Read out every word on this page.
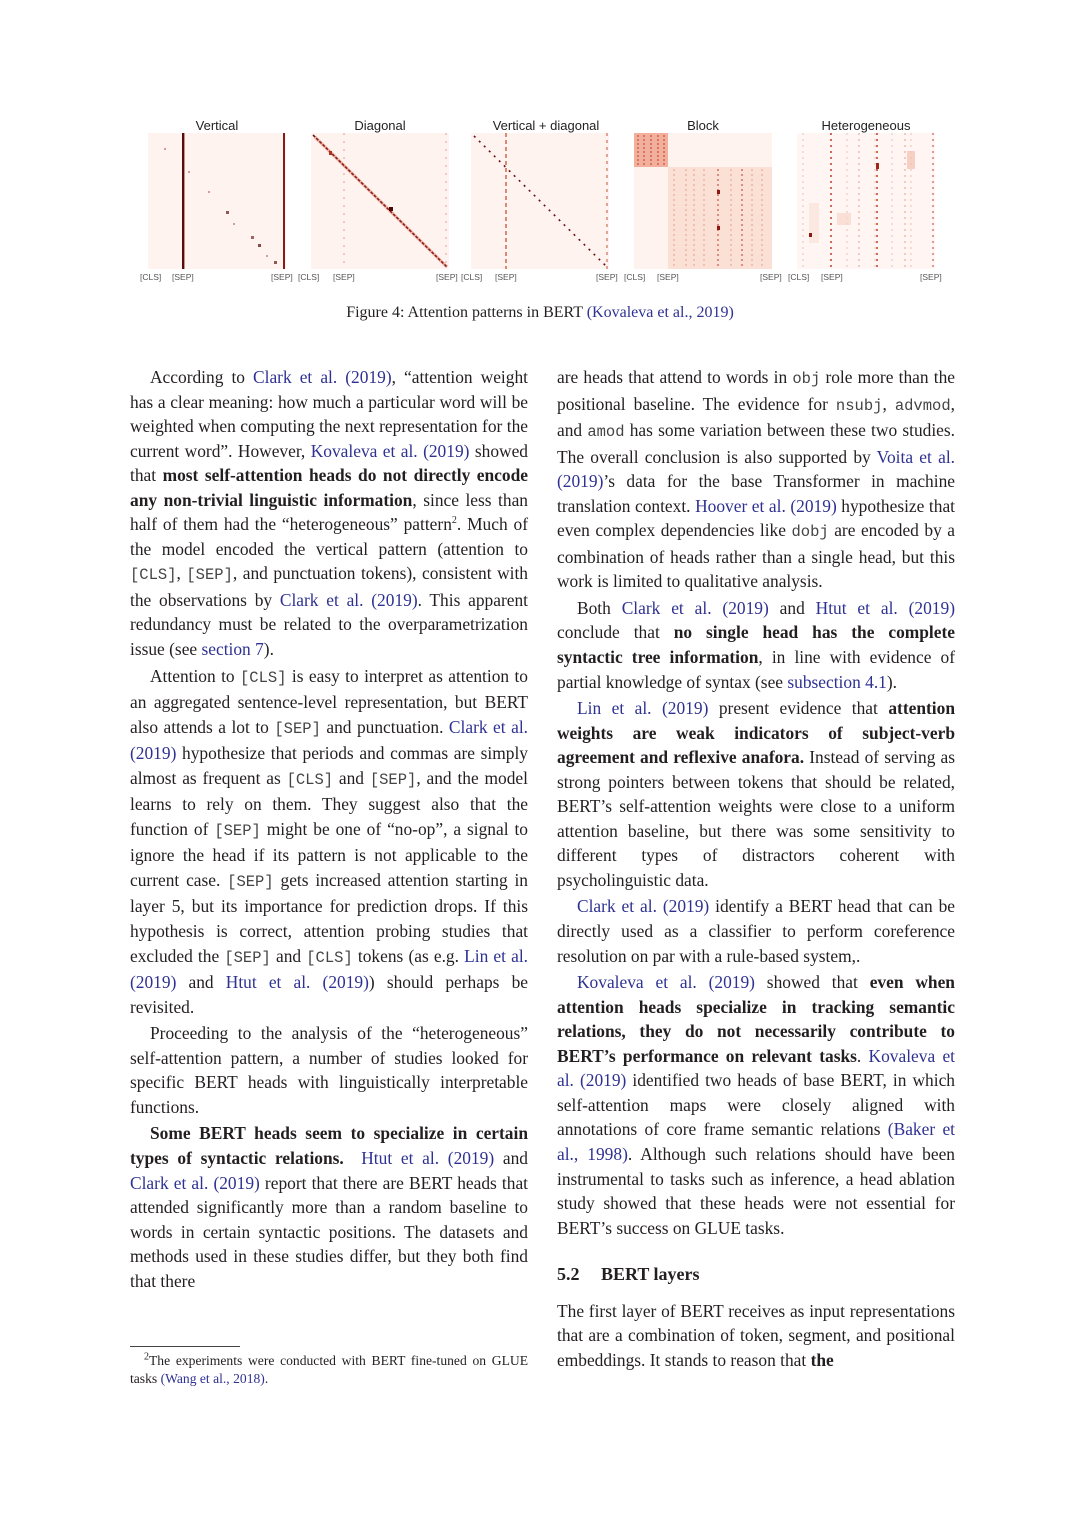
Vertical
[CLS] [SEP]	[SEP]
Diagonal
[CLS] [SEP]	[SEP]
Vertical + diagonal
[CLS] [SEP]	[SEP]
Block
[CLS] [SEP]	[SEP]
Heterogeneous
[CLS] [SEP]	[SEP]
Figure 4: Attention patterns in BERT (Kovaleva et al., 2019)

According to Clark et al. (2019), “attention weight has a clear meaning: how much a particular word will be weighted when computing the next representation for the current word”. However, Kovaleva et al. (2019) showed that most self-attention heads do not directly encode any non-trivial linguistic information, since less than half of them had the “heterogeneous” pattern$^2$. Much of the model encoded the vertical pattern (attention to [CLS], [SEP], and punctuation tokens), consistent with the observations by Clark et al. (2019). This apparent redundancy must be related to the overparametrization issue (see section 7).

Attention to [CLS] is easy to interpret as attention to an aggregated sentence-level representation, but BERT also attends a lot to [SEP] and punctuation. Clark et al. (2019) hypothesize that periods and commas are simply almost as frequent as [CLS] and [SEP], and the model learns to rely on them. They suggest also that the function of [SEP] might be one of “no-op”, a signal to ignore the head if its pattern is not applicable to the current case. [SEP] gets increased attention starting in layer 5, but its importance for prediction drops. If this hypothesis is correct, attention probing studies that excluded the [SEP] and [CLS] tokens (as e.g. Lin et al. (2019) and Htut et al. (2019)) should perhaps be revisited.

Proceeding to the analysis of the “heterogeneous” self-attention pattern, a number of studies looked for specific BERT heads with linguistically interpretable functions.

Some BERT heads seem to specialize in certain types of syntactic relations. Htut et al. (2019) and Clark et al. (2019) report that there are BERT heads that attended significantly more than a random baseline to words in certain syntactic positions. The datasets and methods used in these studies differ, but they both find that there

$^2$The experiments were conducted with BERT fine-tuned on GLUE tasks (Wang et al., 2018).

are heads that attend to words in obj role more than the positional baseline. The evidence for nsubj, advmod, and amod has some variation between these two studies. The overall conclusion is also supported by Voita et al. (2019)’s data for the base Transformer in machine translation context. Hoover et al. (2019) hypothesize that even complex dependencies like dobj are encoded by a combination of heads rather than a single head, but this work is limited to qualitative analysis.

Both Clark et al. (2019) and Htut et al. (2019) conclude that no single head has the complete syntactic tree information, in line with evidence of partial knowledge of syntax (see subsection 4.1).

Lin et al. (2019) present evidence that attention weights are weak indicators of subject-verb agreement and reflexive anafora. Instead of serving as strong pointers between tokens that should be related, BERT’s self-attention weights were close to a uniform attention baseline, but there was some sensitivity to different types of distractors coherent with psycholinguistic data.

Clark et al. (2019) identify a BERT head that can be directly used as a classifier to perform coreference resolution on par with a rule-based system,.

Kovaleva et al. (2019) showed that even when attention heads specialize in tracking semantic relations, they do not necessarily contribute to BERT’s performance on relevant tasks. Kovaleva et al. (2019) identified two heads of base BERT, in which self-attention maps were closely aligned with annotations of core frame semantic relations (Baker et al., 1998). Although such relations should have been instrumental to tasks such as inference, a head ablation study showed that these heads were not essential for BERT’s success on GLUE tasks.

5.2 BERT layers

The first layer of BERT receives as input representations that are a combination of token, segment, and positional embeddings. It stands to reason that the
